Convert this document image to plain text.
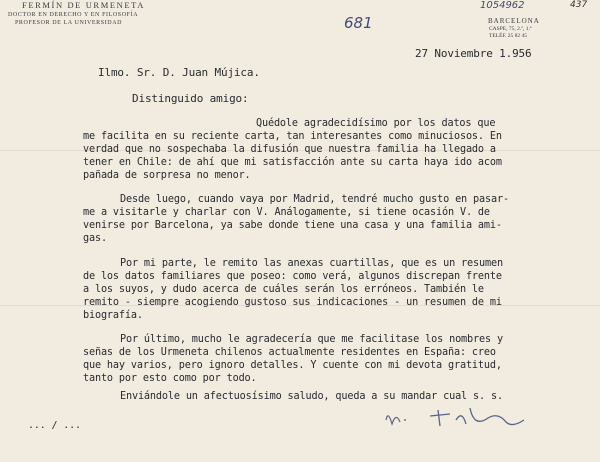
FERMÍN DE URMENETA
DOCTOR EN DERECHO Y EN FILOSOFÍA
PROFESOR DE LA UNIVERSIDAD	BARCELONA
CASPE, 75, 2.º, 1.ª
TELÉF. 25 82 45
1054962	437
681
27 Noviembre 1.956
Ilmo. Sr. D. Juan Mújica.
Distinguido amigo:
Quédole agradecidísimo por los datos que
me facilita en su reciente carta, tan interesantes como minuciosos. En
verdad que no sospechaba la difusión que nuestra familia ha llegado a
tener en Chile: de ahí que mi satisfacción ante su carta haya ido acom
pañada de sorpresa no menor.
Desde luego, cuando vaya por Madrid, tendré mucho gusto en pasar-
me a visitarle y charlar con V. Análogamente, si tiene ocasión V. de
venirse por Barcelona, ya sabe donde tiene una casa y una familia ami-
gas.
Por mi parte, le remito las anexas cuartillas, que es un resumen
de los datos familiares que poseo: como verá, algunos discrepan frente
a los suyos, y dudo acerca de cuáles serán los erróneos. También le
remito - siempre acogiendo gustoso sus indicaciones - un resumen de mi
biografía.
Por último, mucho le agradecería que me facilitase los nombres y
señas de los Urmeneta chilenos actualmente residentes en España: creo
que hay varios, pero ignoro detalles. Y cuente con mi devota gratitud,
tanto por esto como por todo.
Enviándole un afectuosísimo saludo, queda a su mandar cual s. s.
... / ...
